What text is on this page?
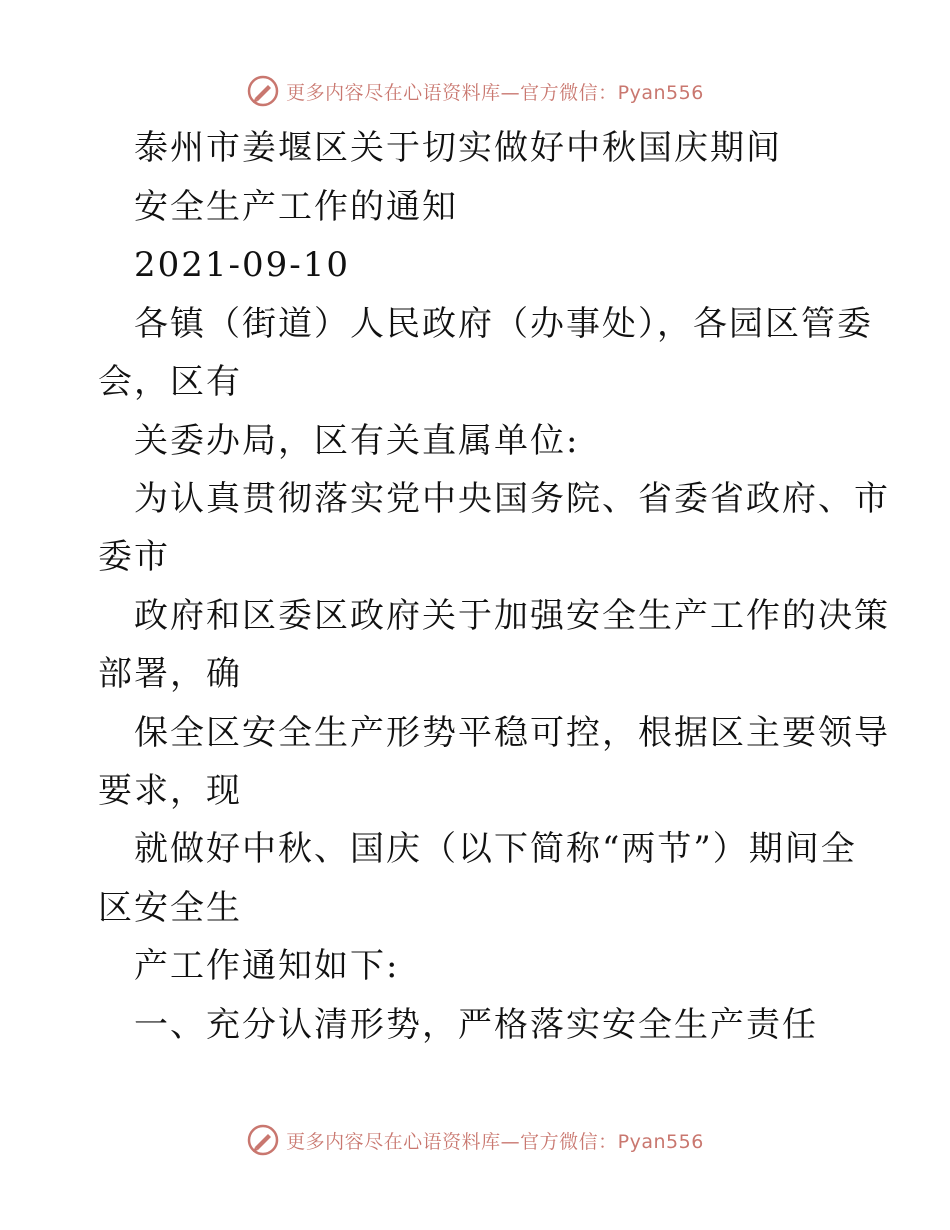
更多内容尽在心语资料库—官方微信：Pyan556
泰州市姜堰区关于切实做好中秋国庆期间
安全生产工作的通知
2021-09-10
各镇（街道）人民政府（办事处），各园区管委
会，区有
关委办局，区有关直属单位:
为认真贯彻落实党中央国务院、省委省政府、市
委市
政府和区委区政府关于加强安全生产工作的决策
部署，确
保全区安全生产形势平稳可控，根据区主要领导
要求，现
就做好中秋、国庆（以下简称“两节”）期间全
区安全生
产工作通知如下:
一、充分认清形势，严格落实安全生产责任
更多内容尽在心语资料库—官方微信：Pyan556
